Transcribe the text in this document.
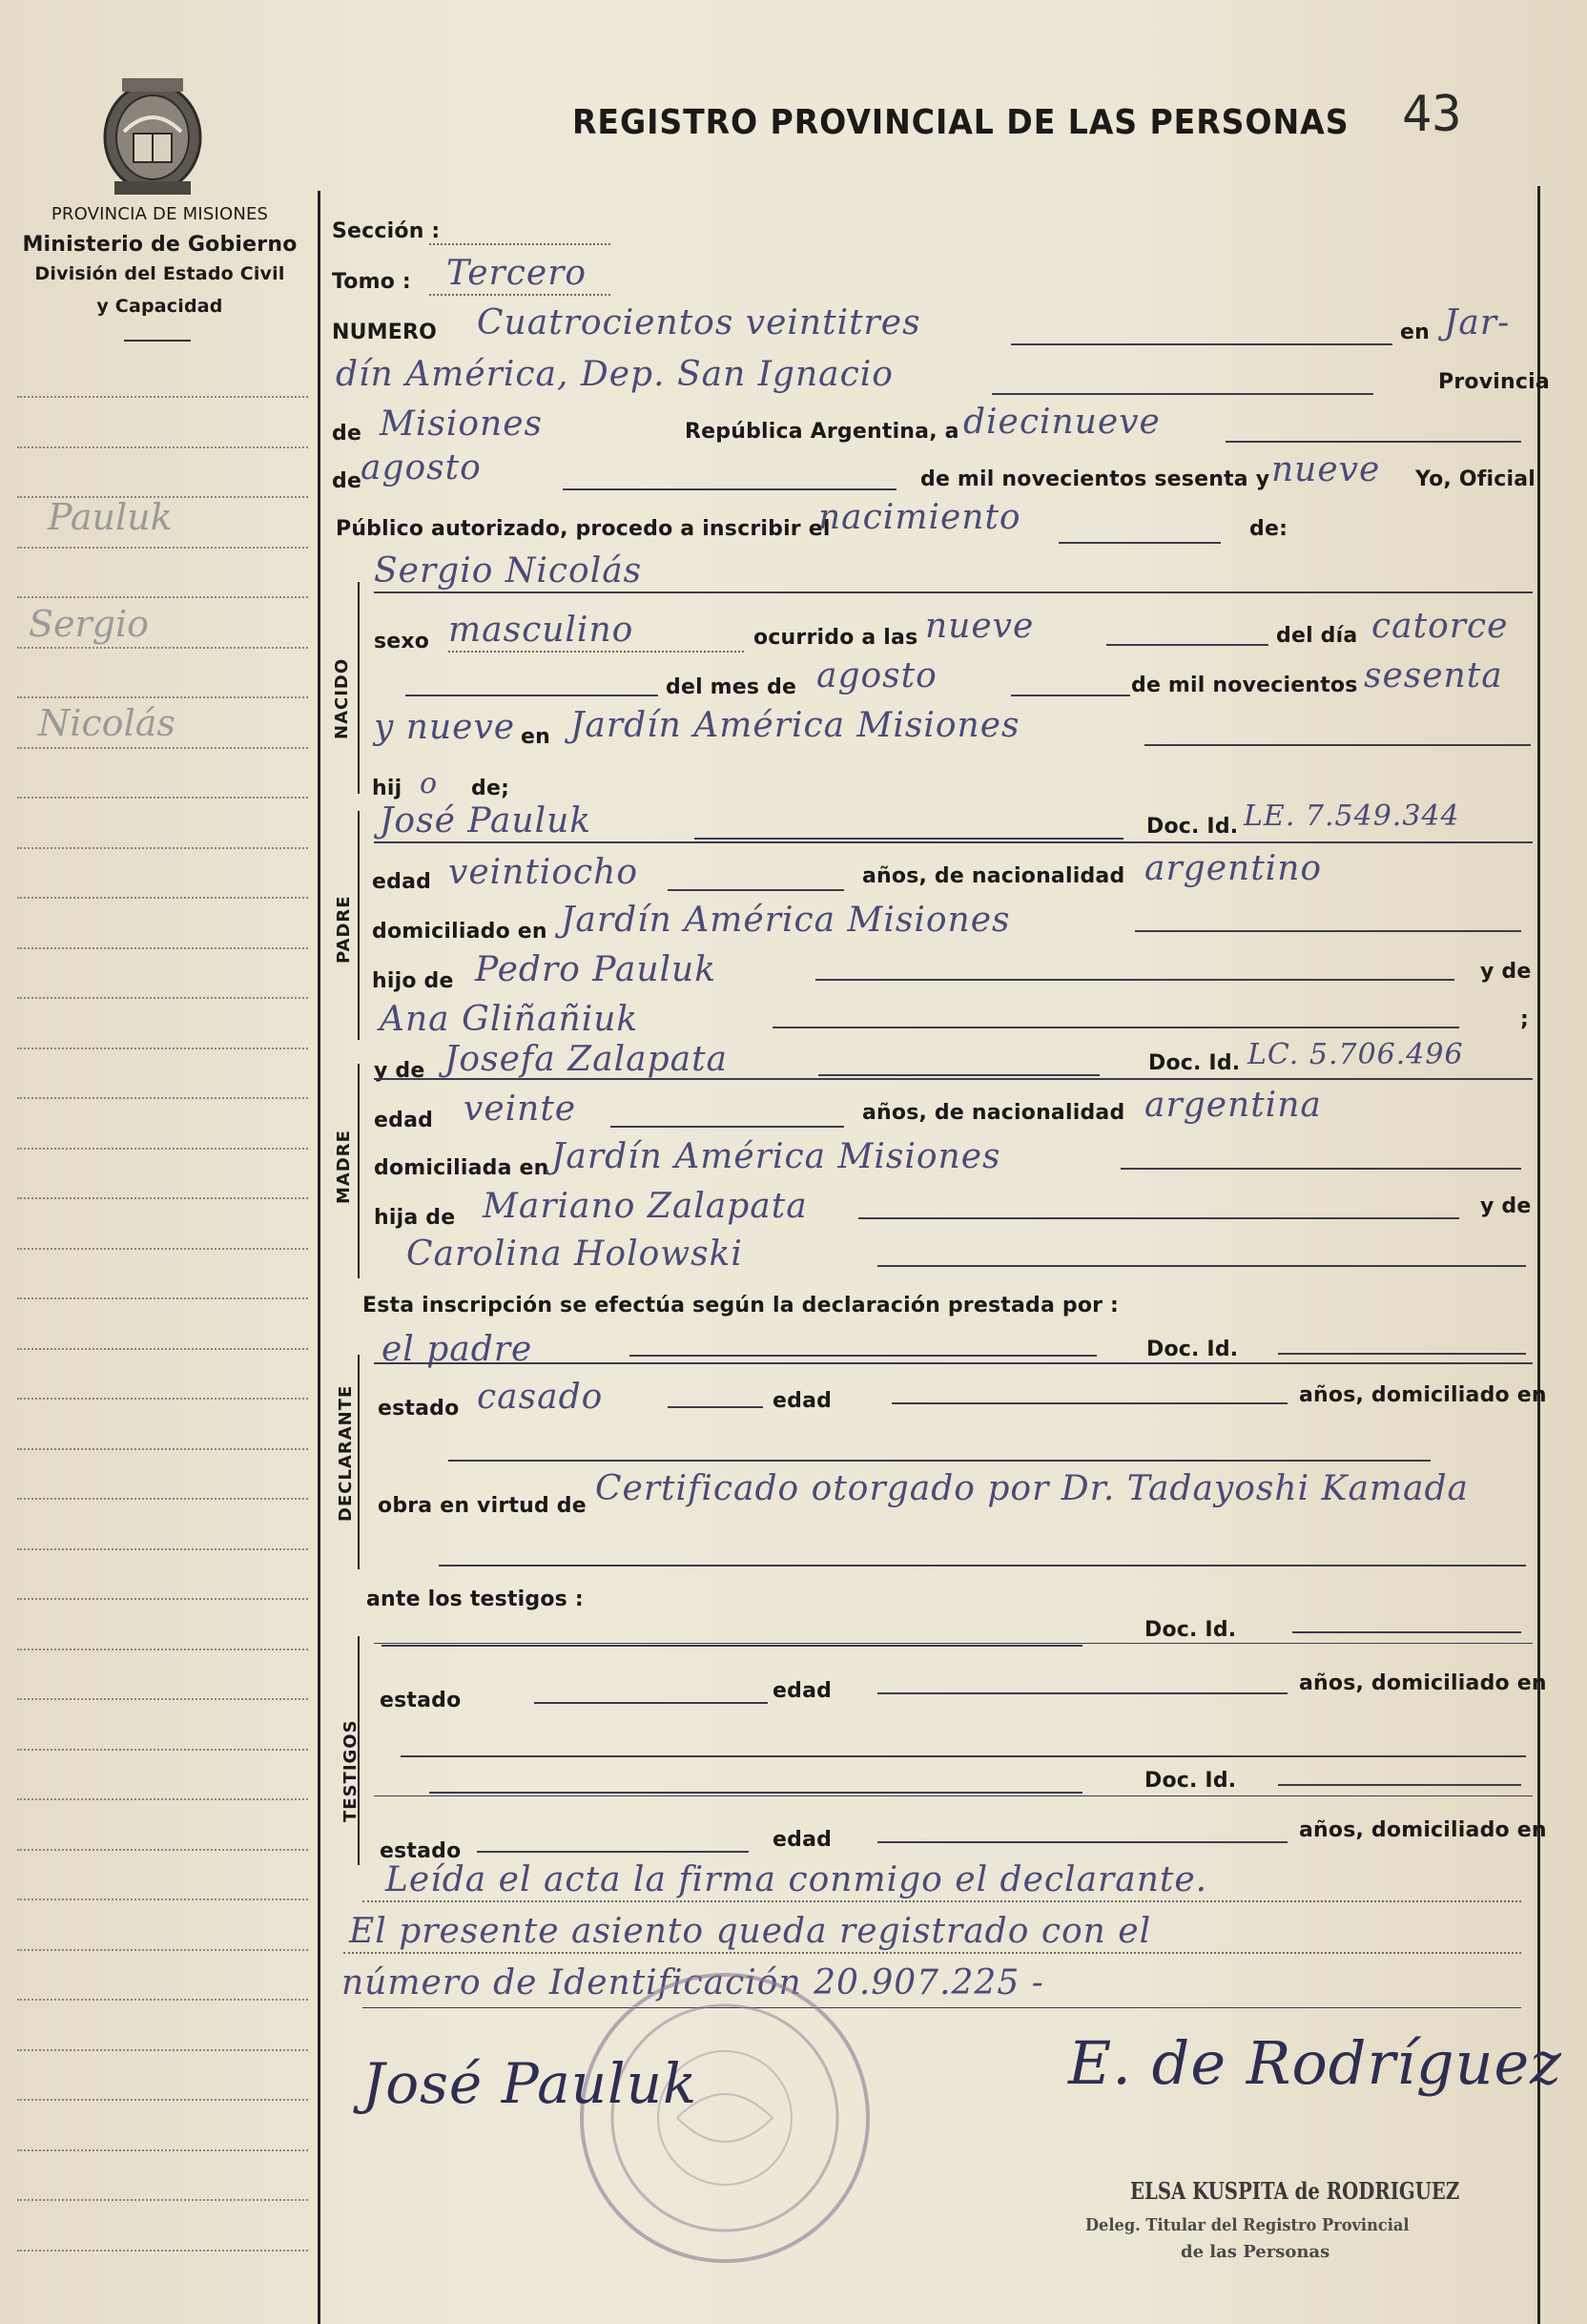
PROVINCIA DE MISIONES
Ministerio de Gobierno
División del Estado Civil
y Capacidad
REGISTRO PROVINCIAL DE LAS PERSONAS 43
Pauluk
Sergio
Nicolás
Sección :
Tomo : Tercero
NUMERO Cuatrocientos veintitres	en Jar-
dín América, Dep. San Ignacio	Provincia
de Misiones	República Argentina, a diecinueve
de
agosto	de mil novecientos sesenta y nueve Yo, Oficial
Público autorizado, procedo a inscribir el
nacimiento	de:
NACIDO
Sergio Nicolás
sexo masculino	ocurrido a las nueve	del día catorce
del mes de agosto	de mil novecientos sesenta
y nueve en Jardín América Misiones
hij o de;
PADRE
José Pauluk	Doc. Id. LE. 7.549.344
edad veintiocho	años, de nacionalidad argentino
domiciliado en Jardín América Misiones
hijo de Pedro Pauluk	y de
Ana Gliñañiuk	;
MADRE
y de Josefa Zalapata	Doc. Id. LC. 5.706.496
edad veinte	años, de nacionalidad argentina
domiciliada en Jardín América Misiones
hija de Mariano Zalapata	y de
Carolina Holowski
Esta inscripción se efectúa según la declaración prestada por :
DECLARANTE
el padre	Doc. Id.
estado casado	edad	años, domiciliado en
obra en virtud de Certificado otorgado por Dr. Tadayoshi Kamada
ante los testigos :
TESTIGOS
Doc. Id.
estado	edad	años, domiciliado en
Doc. Id.
estado	edad	años, domiciliado en
Leída el acta la firma conmigo el declarante.
El presente asiento queda registrado con el
número de Identificación 20.907.225 -
José Pauluk	E. de Rodríguez
ELSA KUSPITA de RODRIGUEZ
Deleg. Titular del Registro Provincial
de las Personas
